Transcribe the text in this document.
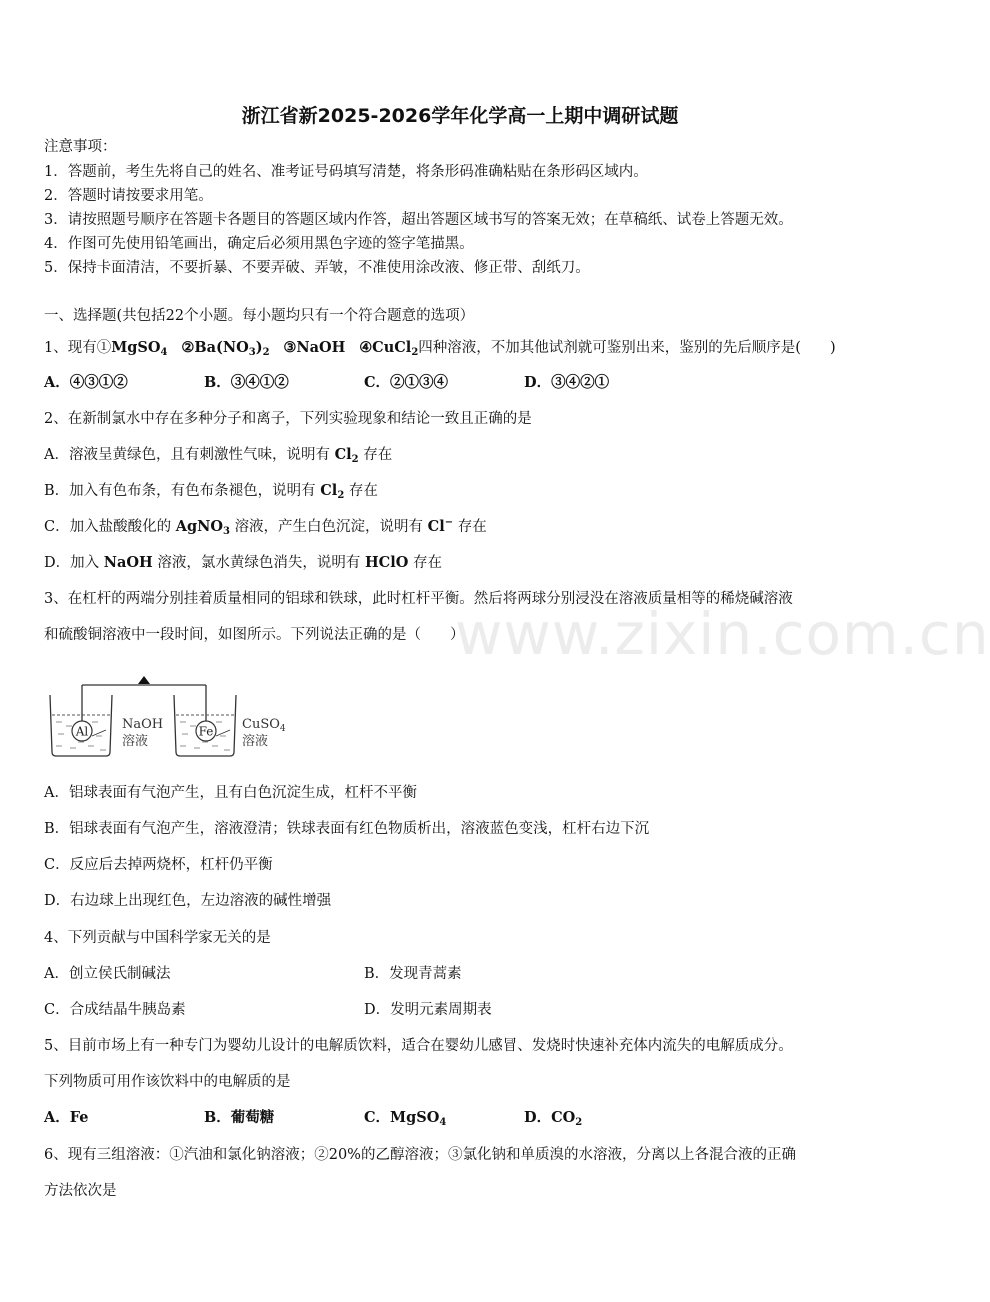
www.zixin.com.cn
浙江省新2025-2026学年化学高一上期中调研试题
注意事项：
1．答题前，考生先将自己的姓名、准考证号码填写清楚，将条形码准确粘贴在条形码区域内。
2．答题时请按要求用笔。
3．请按照题号顺序在答题卡各题目的答题区域内作答，超出答题区域书写的答案无效；在草稿纸、试卷上答题无效。
4．作图可先使用铅笔画出，确定后必须用黑色字迹的签字笔描黑。
5．保持卡面清洁，不要折暴、不要弄破、弄皱，不准使用涂改液、修正带、刮纸刀。
一、选择题(共包括22个小题。每小题均只有一个符合题意的选项）
1、现有①MgSO$_4$ $②Ba(NO_3)_2$ ③NaOH ④CuCl$_2$四种溶液，不加其他试剂就可鉴别出来，鉴别的先后顺序是(　　)
A．④③①②	B．③④①②	C．②①③④	D．③④②①
2、在新制氯水中存在多种分子和离子，下列实验现象和结论一致且正确的是
A．溶液呈黄绿色，且有刺激性气味，说明有 $Cl_2$ 存在
B．加入有色布条，有色布条褪色，说明有 $Cl_2$ 存在
C．加入盐酸酸化的 AgNO$_3$ 溶液，产生白色沉淀，说明有 Cl− 存在
D．加入 NaOH 溶液，氯水黄绿色消失，说明有 HClO 存在
3、在杠杆的两端分别挂着质量相同的铝球和铁球，此时杠杆平衡。然后将两球分别浸没在溶液质量相等的稀烧碱溶液
和硫酸铜溶液中一段时间，如图所示。下列说法正确的是（　　）
Al	NaOH
溶液
Fe CuSO$_4$
溶液
A．铝球表面有气泡产生，且有白色沉淀生成，杠杆不平衡
B．铝球表面有气泡产生，溶液澄清；铁球表面有红色物质析出，溶液蓝色变浅，杠杆右边下沉
C．反应后去掉两烧杯，杠杆仍平衡
D．右边球上出现红色，左边溶液的碱性增强
4、下列贡献与中国科学家无关的是
A．创立侯氏制碱法	B．发现青蒿素
C．合成结晶牛胰岛素	D．发明元素周期表
5、目前市场上有一种专门为婴幼儿设计的电解质饮料，适合在婴幼儿感冒、发烧时快速补充体内流失的电解质成分。
下列物质可用作该饮料中的电解质的是
A．Fe	B．葡萄糖	C．MgSO$_4$	D．$CO_2$
6、现有三组溶液：①汽油和氯化钠溶液；②20%的乙醇溶液；③氯化钠和单质溴的水溶液，分离以上各混合液的正确
方法依次是
